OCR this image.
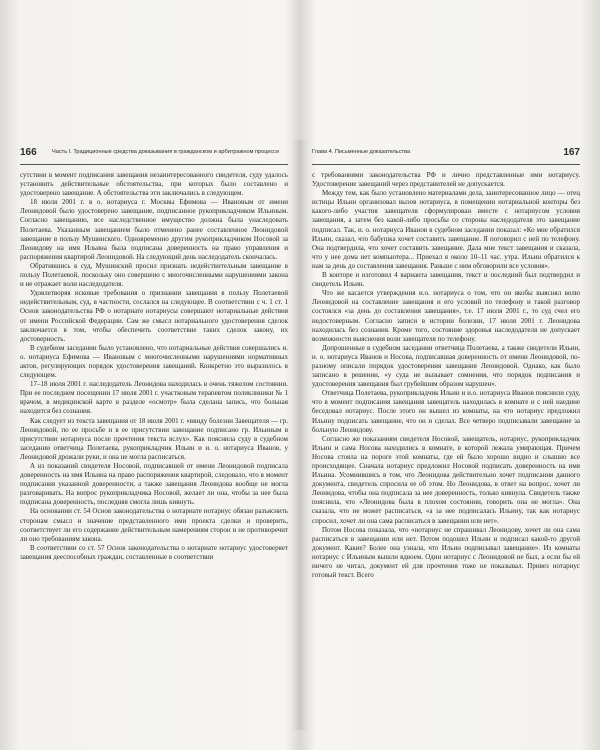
166	Часть I. Традиционные средства доказывания в гражданском и арбитражном процессе

сутствии в момент подписания завещания незаинтересованного свидетеля, суду удалось установить действительные обстоятельства, при которых было составлено и удостоверено завещание. А обстоятельства эти заключались в следующем.

18 июля 2001 г. в о. нотариуса г. Москвы Ефимова — Ивановым от имени Леонидовой было удостоверено завещание, подписанное рукоприкладчиком Ильиным. Согласно завещанию, все наследственное имущество должна была унаследовать Полетаева. Указанным завещанием было отменено ранее составленное Леонидовой завещание в пользу Мушинского. Одновременно другим рукоприкладчиком Носовой за Леонидову на имя Ильина была подписана доверенность на право управления и распоряжения квартирой Леонидовой. На следующий день наследодатель скончалась.

Обратившись в суд, Мушинский просил признать недействительным завещание в пользу Полетаевой, поскольку оно совершено с многочисленными нарушениями закона и не отражает воли наследодателя.

Удовлетворяя исковые требования о признании завещания в пользу Полетаевой недействительным, суд, в частности, сослался на следующее. В соответствии с ч. 1 ст. 1 Основ законодательства РФ о нотариате нотариусы совершают нотариальные действия от имени Российской Федерации. Сам же смысл нотариального удостоверения сделок заключается в том, чтобы обеспечить соответствие таких сделок закону, их достоверность.

В судебном заседании было установлено, что нотариальные действия совершались и. о. нотариуса Ефимова — Ивановым с многочисленными нарушениями нормативных актов, регулирующих порядок удостоверения завещаний. Конкретно это выразилось в следующем.

17–18 июля 2001 г. наследодатель Леонидова находилась в очень тяжелом состоянии. При ее последнем посещении 17 июля 2001 г. участковым терапевтом поликлиники № 1 врачом, в медицинской карте в разделе «осмотр» была сделана запись, что больная находится без сознания.

Как следует из текста завещания от 18 июля 2001 г. «ввиду болезни Завещателя — гр. Леонидовой, по ее просьбе и в ее присутствии завещание подписано гр. Ильиным в присутствии нотариуса после прочтения текста вслух». Как пояснила суду в судебном заседании ответчица Полетаева, рукоприкладчик Ильин и и. о. нотариуса Иванов, у Леонидовой дрожали руки, и она не могла расписаться.

А из показаний свидетеля Носовой, подписавшей от имени Леонидовой подписала доверенность на имя Ильина на право распоряжения квартирой, следовало, что в момент подписания указанной доверенности, а также завещания Леонидова вообще не могла разговаривать. На вопрос рукоприкладчика Носовой, желает ли она, чтобы за нее была подписана доверенность, последняя смогла лишь кивнуть.

На основании ст. 54 Основ законодательства о нотариате нотариус обязан разъяснить сторонам смысл и значение представленного ими проекта сделки и проверить, соответствует ли его содержание действительным намерениям сторон и не противоречит ли оно требованиям закона.

В соответствии со ст. 57 Основ законодательства о нотариате нотариус удостоверяет завещания дееспособных граждан, составленные в соответствии

Глава 4. Письменные доказательства	167

с требованиями законодательства РФ и лично представленные ими нотариусу. Удостоверение завещаний через представителей не допускается.

Между тем, как было установлено материалами дела, заинтересованное лицо — отец истицы Ильин организовал вызов нотариуса, в помещении нотариальной конторы без какого-либо участия завещателя сформулирован вместе с нотариусом условия завещания, а затем без какой-либо просьбы со стороны наследодателя это завещание подписал. Так, и. о. нотариуса Иванов в судебном заседании показал: «Ко мне обратился Ильин, сказал, что бабушка хочет составить завещание. Я поговорил с ней по телефону. Она подтвердила, что хочет составить завещание. Дала мне текст завещания и сказала, что у нее дома нет компьютера... Приехал я около 10–11 час. утра. Ильин обратился к нам за день до составления завещания. Раньше с ним обговорили все условия».

В конторе и изготовил 4 варианта завещания, текст и последний был подтвердил и свидетель Ильин.

Что же касается утверждения и.о. нотариуса о том, что он якобы выяснял волю Леонидовой на составление завещания и его условий по телефону и такой разговор состоялся «за день до составления завещания», т.е. 17 июля 2001 г., то суд счел его недостоверным. Согласно записи в истории болезни, 17 июля 2001 г. Леонидова находилась без сознания. Кроме того, состояние здоровья наследодателя не допускает возможности выяснения воли завещателя по телефону.

Допрошенные в судебном заседании ответчица Полетаева, а также свидетели Ильин, и. о. нотариуса Иванов и Носова, подписавшая доверенность от имени Леонидовой, по-разному описали порядок удостоверения завещания Леонидовой. Однако, как было записано в решении, «у суда не вызывает сомнения, что порядок подписания и удостоверения завещания был грубейшим образом нарушен».

Ответчица Полетаева, рукоприкладчик Ильин и и.о. нотариуса Иванов пояснили суду, что в момент подписания завещания завещатель находилась в комнате и с ней наедине беседовал нотариус. После этого он вышел из комнаты, на что нотариус предложил Ильину подписать завещание, что он и сделал. Все четверо подписывали завещание за больную Леонидову.

Согласно же показаниям свидетеля Носовой, завещатель, нотариус, рукоприкладчик Ильин и сама Носова находились в комнате, в которой лежала умирающая. Причем Носова стояла на пороге этой комнаты, где ей было хорошо видно и слышно все происходящее. Сначала нотариус предложил Носовой подписать доверенность на имя Ильина. Усомнившись в том, что Леонидова действительно хочет подписания данного документа, свидетель спросила ее об этом. Но Леонидова, в ответ на вопрос, хочет ли Леонидова, чтобы она подписала за нее доверенность, только кивнула. Свидетель также пояснила, что «Леонидова была в плохом состоянии, говорить она не могла». Она сказала, что не может расписаться, «а за нее подписалась Ильину, так как нотариус спросил, хочет ли она сама расписаться в завещании или нет».

Потом Носова показала, что «нотариус не спрашивал Леонидову, хочет ли она сама расписаться в завещании или нет. Потом подошел Ильин и подписал какой-то другой документ. Какие? Более она узнала, что Ильин подписывал завещание». Из комнаты нотариус с Ильиным вышли вдвоем. Один нотариус с Леонидовой не был, а если бы ей ничего не читал, документ ей для прочтения тоже не показывал. Привез нотариус готовый текст. Всего
